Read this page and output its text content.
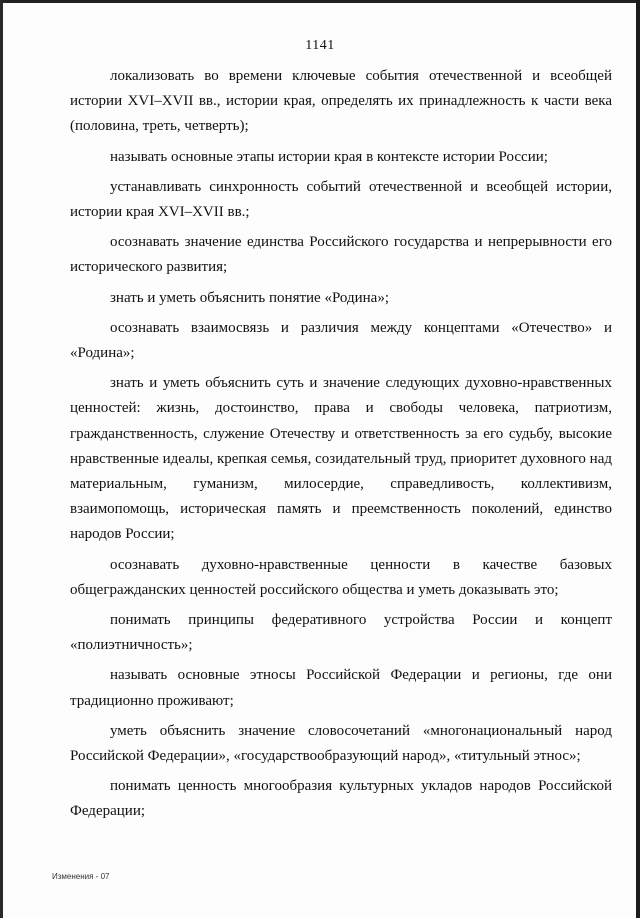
1141

локализовать во времени ключевые события отечественной и всеобщей истории XVI–XVII вв., истории края, определять их принадлежность к части века (половина, треть, четверть);

называть основные этапы истории края в контексте истории России;

устанавливать синхронность событий отечественной и всеобщей истории, истории края XVI–XVII вв.;

осознавать значение единства Российского государства и непрерывности его исторического развития;

знать и уметь объяснить понятие «Родина»;

осознавать взаимосвязь и различия между концептами «Отечество» и «Родина»;

знать и уметь объяснить суть и значение следующих духовно-нравственных ценностей: жизнь, достоинство, права и свободы человека, патриотизм, гражданственность, служение Отечеству и ответственность за его судьбу, высокие нравственные идеалы, крепкая семья, созидательный труд, приоритет духовного над материальным, гуманизм, милосердие, справедливость, коллективизм, взаимопомощь, историческая память и преемственность поколений, единство народов России;

осознавать духовно-нравственные ценности в качестве базовых общегражданских ценностей российского общества и уметь доказывать это;

понимать принципы федеративного устройства России и концепт «полиэтничность»;

называть основные этносы Российской Федерации и регионы, где они традиционно проживают;

уметь объяснить значение словосочетаний «многонациональный народ Российской Федерации», «государствообразующий народ», «титульный этнос»;

понимать ценность многообразия культурных укладов народов Российской Федерации;

Изменения - 07
